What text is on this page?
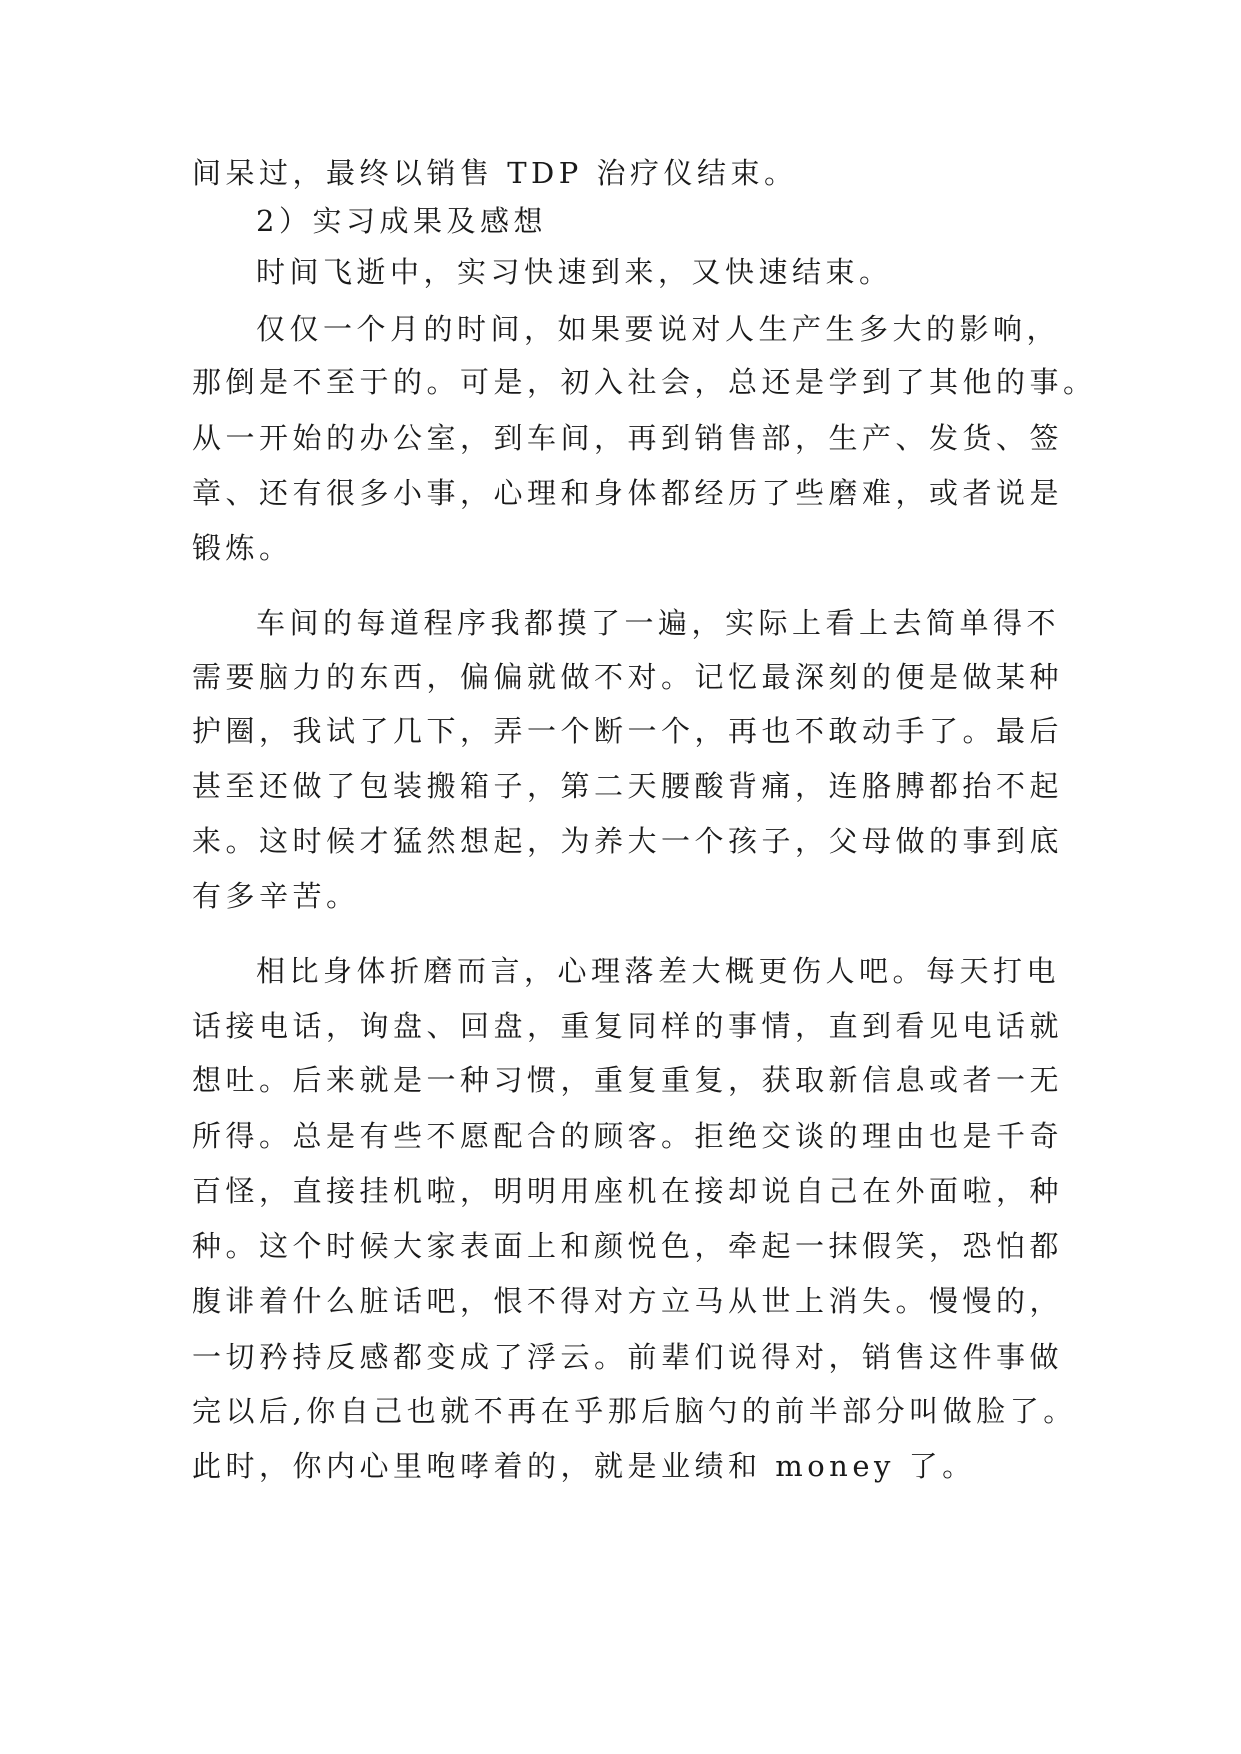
间呆过，最终以销售 TDP 治疗仪结束。
2）实习成果及感想
时间飞逝中，实习快速到来，又快速结束。
仅仅一个月的时间，如果要说对人生产生多大的影响，
那倒是不至于的。可是，初入社会，总还是学到了其他的事。
从一开始的办公室，到车间，再到销售部，生产、发货、签
章、还有很多小事，心理和身体都经历了些磨难，或者说是
锻炼。
车间的每道程序我都摸了一遍，实际上看上去简单得不
需要脑力的东西，偏偏就做不对。记忆最深刻的便是做某种
护圈，我试了几下，弄一个断一个，再也不敢动手了。最后
甚至还做了包装搬箱子，第二天腰酸背痛，连胳膊都抬不起
来。这时候才猛然想起，为养大一个孩子，父母做的事到底
有多辛苦。
相比身体折磨而言，心理落差大概更伤人吧。每天打电
话接电话，询盘、回盘，重复同样的事情，直到看见电话就
想吐。后来就是一种习惯，重复重复，获取新信息或者一无
所得。总是有些不愿配合的顾客。拒绝交谈的理由也是千奇
百怪，直接挂机啦，明明用座机在接却说自己在外面啦，种
种。这个时候大家表面上和颜悦色，牵起一抹假笑，恐怕都
腹诽着什么脏话吧，恨不得对方立马从世上消失。慢慢的，
一切矜持反感都变成了浮云。前辈们说得对，销售这件事做
完以后,你自己也就不再在乎那后脑勺的前半部分叫做脸了。
此时，你内心里咆哮着的，就是业绩和 money 了。
